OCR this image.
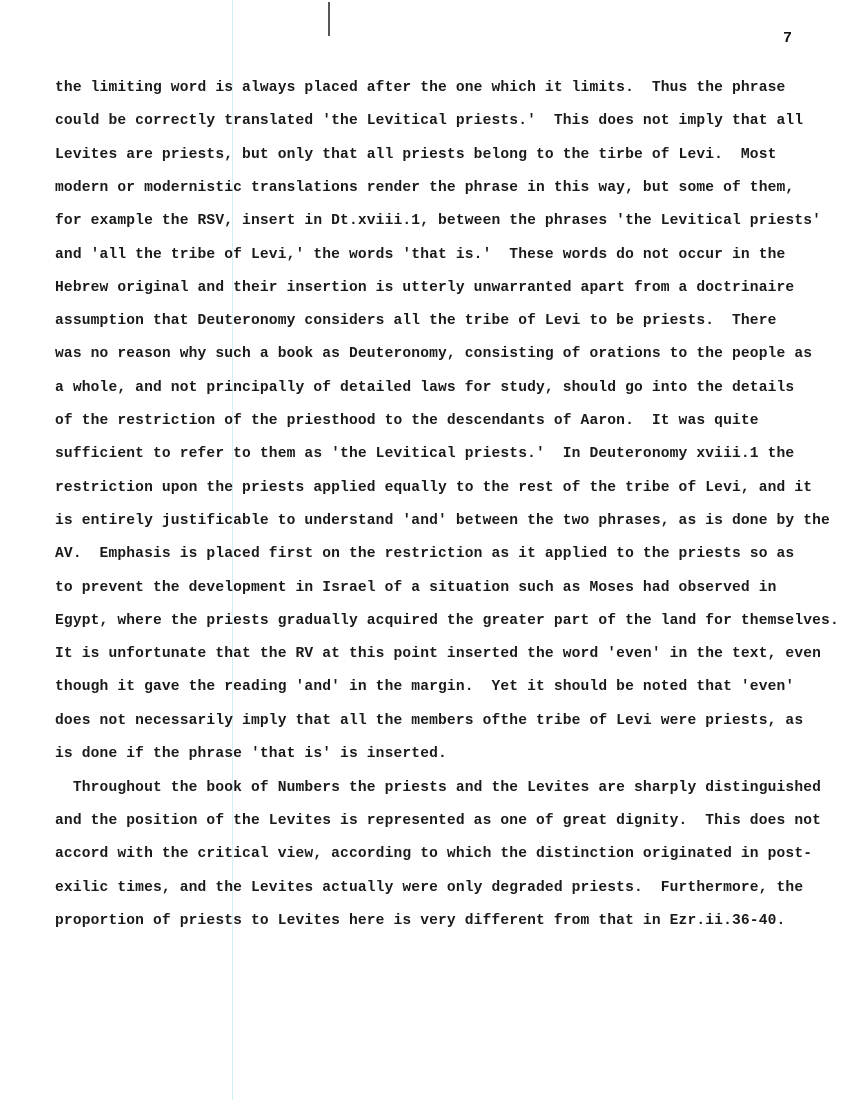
7
the limiting word is always placed after the one which it limits.  Thus the phrase
could be correctly translated 'the Levitical priests.'  This does not imply that all
Levites are priests, but only that all priests belong to the tirbe of Levi.  Most
modern or modernistic translations render the phrase in this way, but some of them,
for example the RSV, insert in Dt.xviii.1, between the phrases 'the Levitical priests'
and 'all the tribe of Levi,' the words 'that is.'  These words do not occur in the
Hebrew original and their insertion is utterly unwarranted apart from a doctrinaire
assumption that Deuteronomy considers all the tribe of Levi to be priests.  There
was no reason why such a book as Deuteronomy, consisting of orations to the people as
a whole, and not principally of detailed laws for study, should go into the details
of the restriction of the priesthood to the descendants of Aaron.  It was quite
sufficient to refer to them as 'the Levitical priests.'  In Deuteronomy xviii.1 the
restriction upon the priests applied equally to the rest of the tribe of Levi, and it
is entirely justificable to understand 'and' between the two phrases, as is done by the
AV.  Emphasis is placed first on the restriction as it applied to the priests so as
to prevent the development in Israel of a situation such as Moses had observed in
Egypt, where the priests gradually acquired the greater part of the land for themselves.
It is unfortunate that the RV at this point inserted the word 'even' in the text, even
though it gave the reading 'and' in the margin.  Yet it should be noted that 'even'
does not necessarily imply that all the members ofthe tribe of Levi were priests, as
is done if the phrase 'that is' is inserted.
Throughout the book of Numbers the priests and the Levites are sharply distinguished
and the position of the Levites is represented as one of great dignity.  This does not
accord with the critical view, according to which the distinction originated in post-
exilic times, and the Levites actually were only degraded priests.  Furthermore, the
proportion of priests to Levites here is very different from that in Ezr.ii.36-40.
